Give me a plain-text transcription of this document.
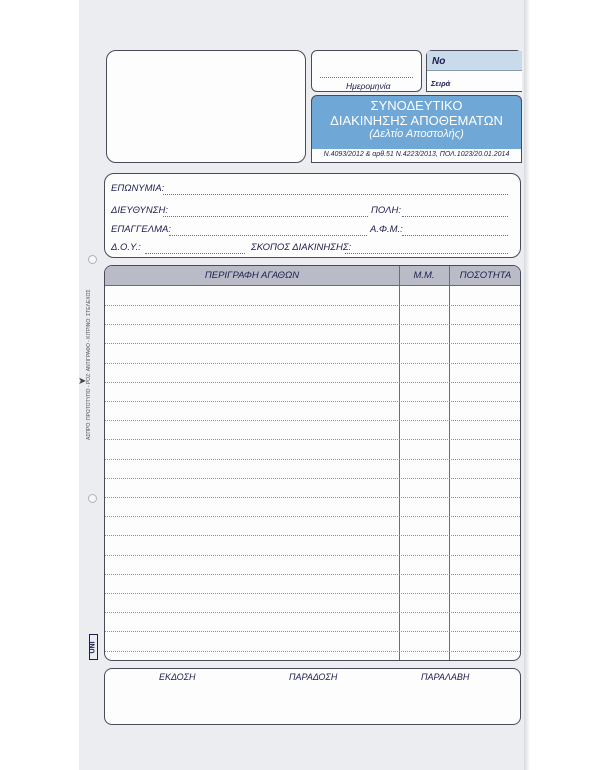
ΑΣΠΡΟ: ΠΡΩΤΟΤΥΠΟ - ΡΟΖ: ΑΝΤΙΓΡΑΦΟ - ΚΙΤΡΙΝΟ: ΣΤΕΛΕΧΟΣ
➤
UNI
Ημερομηνία
No
Σειρά
ΣΥΝΟΔΕΥΤΙΚΟ
ΔΙΑΚΙΝΗΣΗΣ ΑΠΟΘΕΜΑΤΩΝ
(Δελτίο Αποστολής)
Ν.4093/2012 & αρθ.51 Ν.4223/2013, ΠΟΛ.1023/20.01.2014
ΕΠΩΝΥΜΙΑ:
ΔΙΕΥΘΥΝΣΗ:	ΠΟΛΗ:
ΕΠΑΓΓΕΛΜΑ:	Α.Φ.Μ.:
Δ.Ο.Υ.:	ΣΚΟΠΟΣ ΔΙΑΚΙΝΗΣΗΣ:
ΠΕΡΙΓΡΑΦΗ ΑΓΑΘΩΝ	Μ.Μ.	ΠΟΣΟΤΗΤΑ
ΕΚΔΟΣΗ	ΠΑΡΑΔΟΣΗ	ΠΑΡΑΛΑΒΗ
